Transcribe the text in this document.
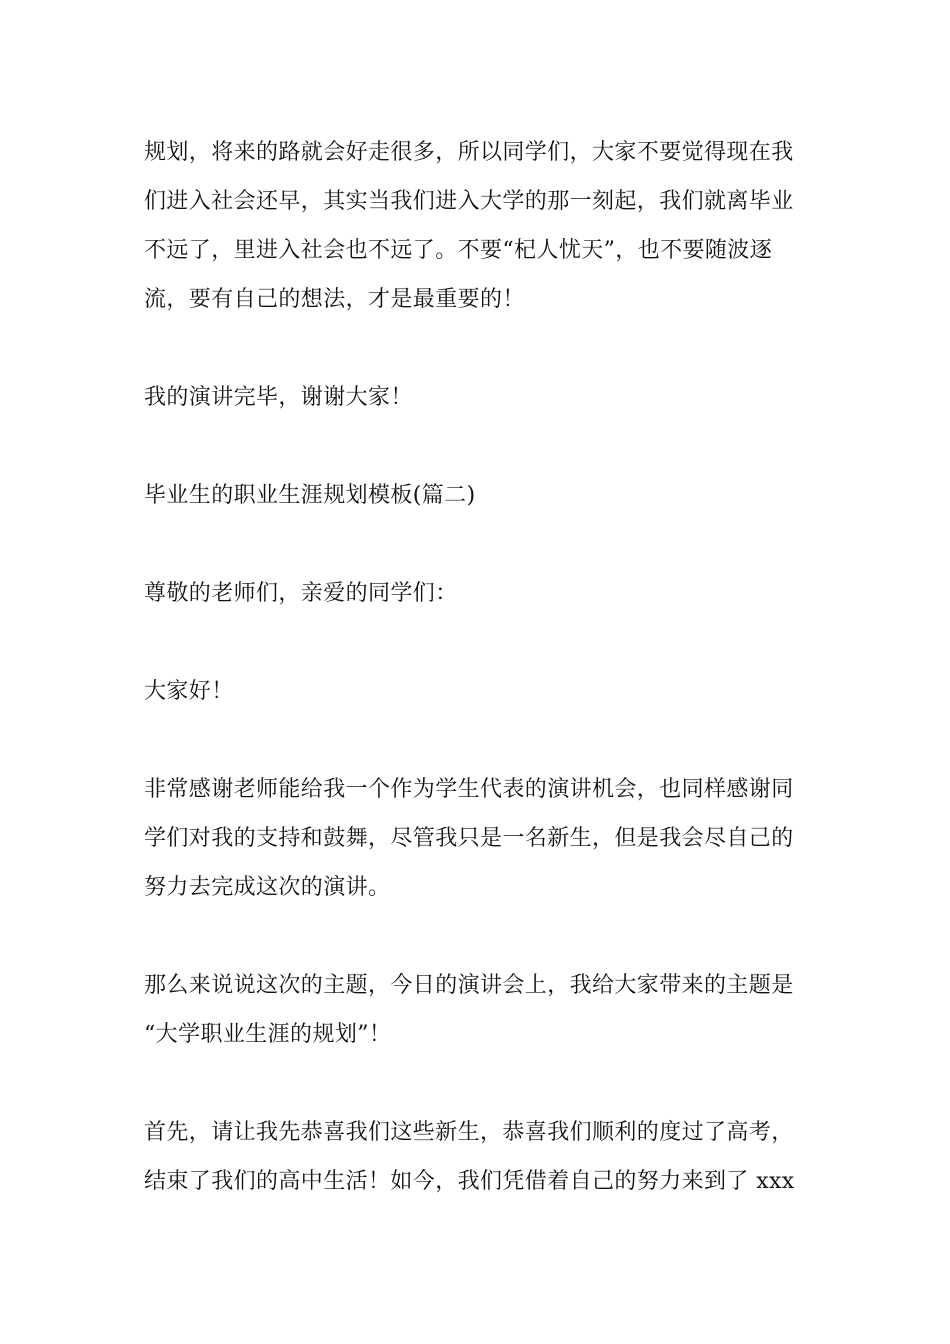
规划，将来的路就会好走很多，所以同学们，大家不要觉得现在我
们进入社会还早，其实当我们进入大学的那一刻起，我们就离毕业
不远了，里进入社会也不远了。不要“杞人忧天”，也不要随波逐
流，要有自己的想法，才是最重要的！

我的演讲完毕，谢谢大家！

毕业生的职业生涯规划模板(篇二)

尊敬的老师们，亲爱的同学们：

大家好！

非常感谢老师能给我一个作为学生代表的演讲机会，也同样感谢同
学们对我的支持和鼓舞，尽管我只是一名新生，但是我会尽自己的
努力去完成这次的演讲。

那么来说说这次的主题，今日的演讲会上，我给大家带来的主题是
“大学职业生涯的规划”！

首先，请让我先恭喜我们这些新生，恭喜我们顺利的度过了高考，
结束了我们的高中生活！如今，我们凭借着自己的努力来到了 xxx
